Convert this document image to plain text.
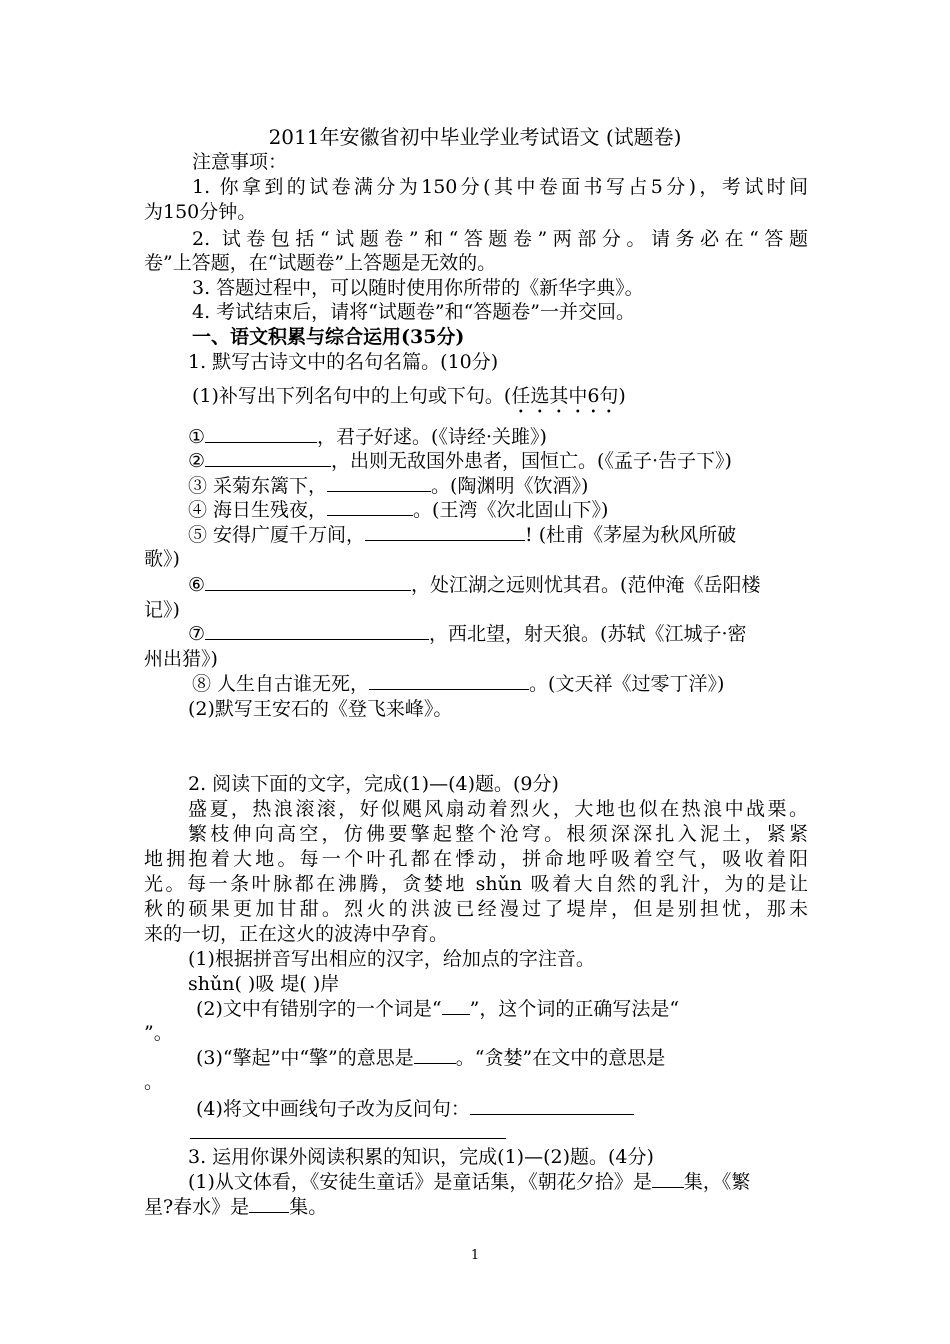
2011年安徽省初中毕业学业考试语文 (试题卷)
注意事项：
1. 你拿到的试卷满分为150分(其中卷面书写占5分)，考试时间
为150分钟。
2. 试卷包括“试题卷”和“答题卷”两部分。请务必在“答题
卷”上答题，在“试题卷”上答题是无效的。
3. 答题过程中，可以随时使用你所带的《新华字典》。
4. 考试结束后，请将“试题卷”和“答题卷”一并交回。
一、语文积累与综合运用(35分)
1. 默写古诗文中的名句名篇。(10分)
(1)补写出下列名句中的上句或下句。(任选其中6句)
①	，君子好逑。(《诗经·关雎》)
②	，出则无敌国外患者，国恒亡。(《孟子·告子下》)
③ 采菊东篱下，	。(陶渊明《饮酒》)
④ 海日生残夜，	。(王湾《次北固山下》)
⑤ 安得广厦千万间，	! (杜甫《茅屋为秋风所破
歌》)
⑥	，处江湖之远则忧其君。(范仲淹《岳阳楼
记》)
⑦	，西北望，射天狼。(苏轼《江城子·密
州出猎》)
⑧ 人生自古谁无死，	。(文天祥《过零丁洋》)
(2)默写王安石的《登飞来峰》。
2. 阅读下面的文字，完成(1)—(4)题。(9分)
盛夏，热浪滚滚，好似飓风扇动着烈火，大地也似在热浪中战栗。
繁枝伸向高空，仿佛要擎起整个沧穹。根须深深扎入泥土，紧紧
地拥抱着大地。每一个叶孔都在悸动，拼命地呼吸着空气，吸收着阳
光。每一条叶脉都在沸腾，贪婪地 shǔn 吸着大自然的乳汁，为的是让
秋的硕果更加甘甜。烈火的洪波已经漫过了堤岸，但是别担忧，那未
来的一切，正在这火的波涛中孕育。
(1)根据拼音写出相应的汉字，给加点的字注音。
shǔn( )吸 堤( )岸
(2)文中有错别字的一个词是“ ”，这个词的正确写法是“
”。
(3)“擎起”中“擎”的意思是 。“贪婪”在文中的意思是
。
(4)将文中画线句子改为反问句：
3. 运用你课外阅读积累的知识，完成(1)—(2)题。(4分)
(1)从文体看，《安徒生童话》是童话集，《朝花夕拾》是 集，《繁
星?春水》是 集。
1
